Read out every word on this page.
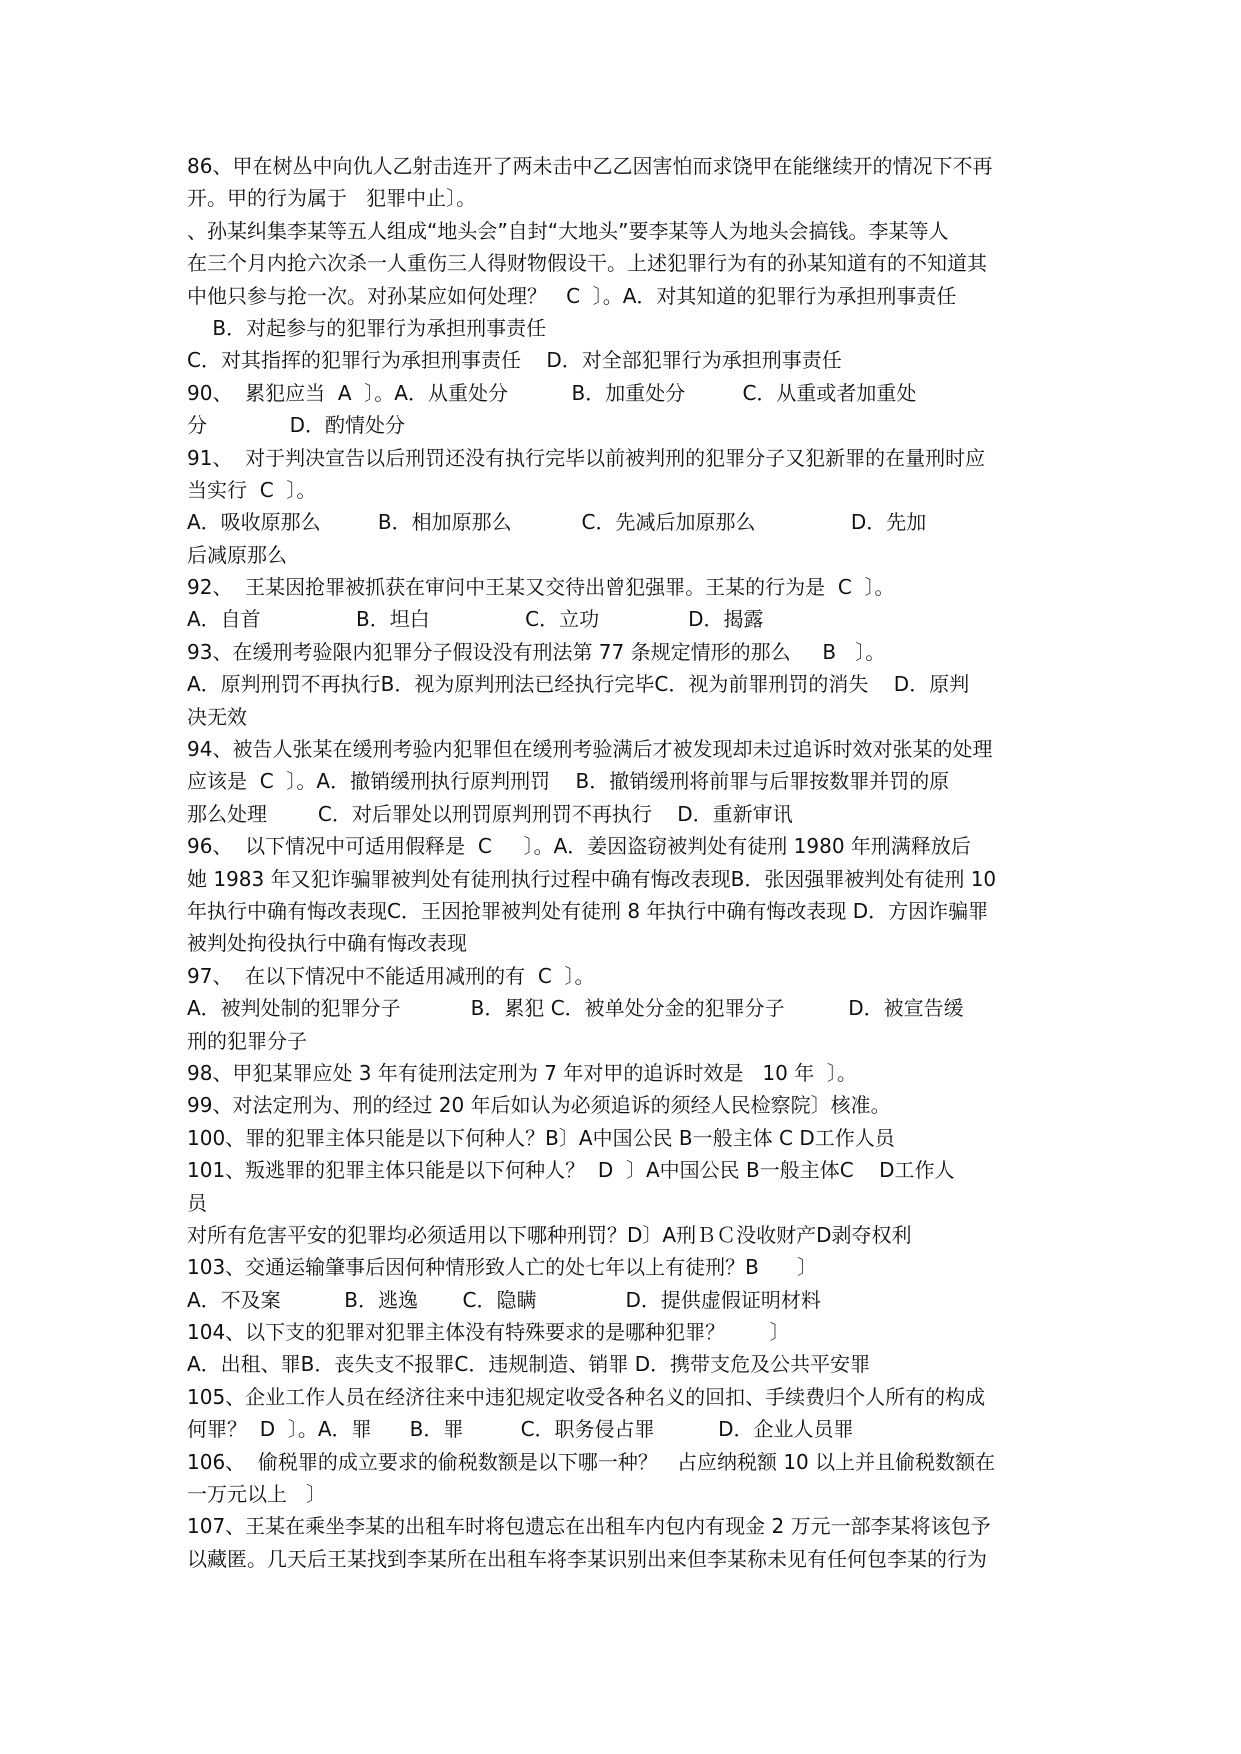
86、甲在树丛中向仇人乙射击连开了两未击中乙乙因害怕而求饶甲在能继续开的情况下不再
开。甲的行为属于   犯罪中止〕。
、孙某纠集李某等五人组成“地头会”自封“大地头”要李某等人为地头会搞钱。李某等人
在三个月内抢六次杀一人重伤三人得财物假设干。上述犯罪行为有的孙某知道有的不知道其
中他只参与抢一次。对孙某应如何处理？   C  〕。A．对其知道的犯罪行为承担刑事责任
B．对起参与的犯罪行为承担刑事责任
C．对其指挥的犯罪行为承担刑事责任    D．对全部犯罪行为承担刑事责任
90、  累犯应当  A  〕。A．从重处分          B．加重处分         C．从重或者加重处
分             D．酌情处分
91、  对于判决宣告以后刑罚还没有执行完毕以前被判刑的犯罪分子又犯新罪的在量刑时应
当实行  C  〕。
A．吸收原那么         B．相加原那么           C．先减后加原那么               D．先加
后减原那么
92、  王某因抢罪被抓获在审问中王某又交待出曾犯强罪。王某的行为是  C  〕。
A．自首               B．坦白               C．立功              D．揭露
93、在缓刑考验限内犯罪分子假设没有刑法第 77 条规定情形的那么     B   〕。
A．原判刑罚不再执行B．视为原判刑法已经执行完毕C．视为前罪刑罚的消失    D．原判
决无效
94、被告人张某在缓刑考验内犯罪但在缓刑考验满后才被发现却未过追诉时效对张某的处理
应该是  C  〕。A．撤销缓刑执行原判刑罚    B．撤销缓刑将前罪与后罪按数罪并罚的原
那么处理        C．对后罪处以刑罚原判刑罚不再执行    D．重新审讯
96、  以下情况中可适用假释是  C     〕。A．姜因盗窃被判处有徒刑 1980 年刑满释放后
她 1983 年又犯诈骗罪被判处有徒刑执行过程中确有悔改表现B．张因强罪被判处有徒刑 10
年执行中确有悔改表现C．王因抢罪被判处有徒刑 8 年执行中确有悔改表现 D．方因诈骗罪
被判处拘役执行中确有悔改表现
97、  在以下情况中不能适用减刑的有  C  〕。
A．被判处制的犯罪分子           B．累犯 C．被单处分金的犯罪分子          D．被宣告缓
刑的犯罪分子
98、甲犯某罪应处 3 年有徒刑法定刑为 7 年对甲的追诉时效是   10 年  〕。
99、对法定刑为、刑的经过 20 年后如认为必须追诉的须经人民检察院〕核准。
100、罪的犯罪主体只能是以下何种人？B〕A中国公民 B一般主体 C D工作人员
101、叛逃罪的犯罪主体只能是以下何种人？  D  〕A中国公民 B一般主体C    D工作人
员
对所有危害平安的犯罪均必须适用以下哪种刑罚？D〕A刑ＢＣ没收财产D剥夺权利
103、交通运输肇事后因何种情形致人亡的处七年以上有徒刑？B      〕
A．不及案          B．逃逸       C．隐瞒              D．提供虚假证明材料
104、以下支的犯罪对犯罪主体没有特殊要求的是哪种犯罪？       〕
A．出租、罪B．丧失支不报罪C．违规制造、销罪 D．携带支危及公共平安罪
105、企业工作人员在经济往来中违犯规定收受各种名义的回扣、手续费归个人所有的构成
何罪？  D  〕。A．罪      B．罪         C．职务侵占罪          D．企业人员罪
106、  偷税罪的成立要求的偷税数额是以下哪一种？   占应纳税额 10 以上并且偷税数额在
一万元以上   〕
107、王某在乘坐李某的出租车时将包遗忘在出租车内包内有现金 2 万元一部李某将该包予
以藏匿。几天后王某找到李某所在出租车将李某识别出来但李某称未见有任何包李某的行为
